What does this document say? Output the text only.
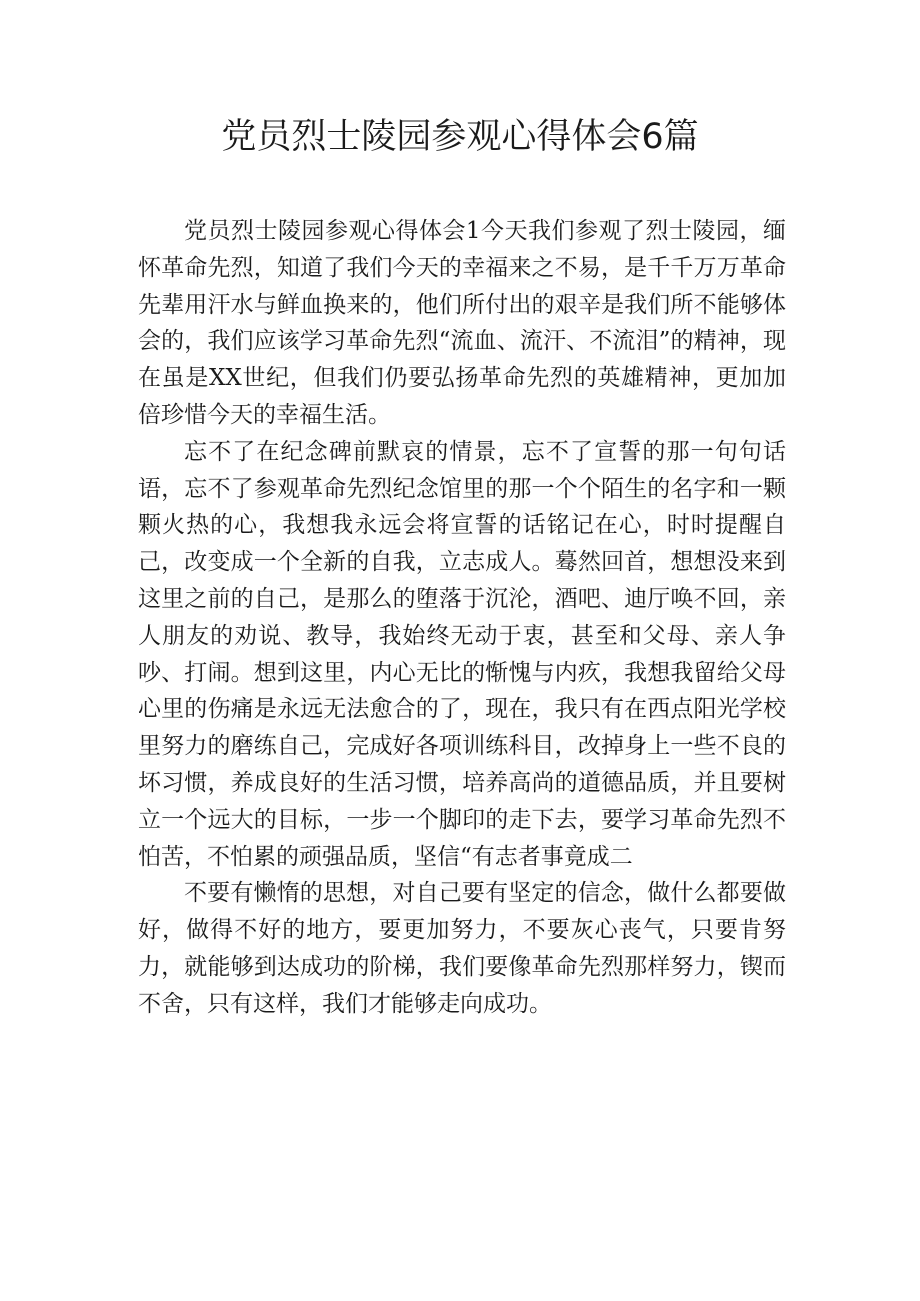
党员烈士陵园参观心得体会6篇

党员烈士陵园参观心得体会1今天我们参观了烈士陵园，缅怀革命先烈，知道了我们今天的幸福来之不易，是千千万万革命先辈用汗水与鲜血换来的，他们所付出的艰辛是我们所不能够体会的，我们应该学习革命先烈“流血、流汗、不流泪”的精神，现在虽是XX世纪，但我们仍要弘扬革命先烈的英雄精神，更加加倍珍惜今天的幸福生活。

忘不了在纪念碑前默哀的情景，忘不了宣誓的那一句句话语，忘不了参观革命先烈纪念馆里的那一个个陌生的名字和一颗颗火热的心，我想我永远会将宣誓的话铭记在心，时时提醒自己，改变成一个全新的自我，立志成人。蓦然回首，想想没来到这里之前的自己，是那么的堕落于沉沦，酒吧、迪厅唤不回，亲人朋友的劝说、教导，我始终无动于衷，甚至和父母、亲人争吵、打闹。想到这里，内心无比的惭愧与内疚，我想我留给父母心里的伤痛是永远无法愈合的了，现在，我只有在西点阳光学校里努力的磨练自己，完成好各项训练科目，改掉身上一些不良的坏习惯，养成良好的生活习惯，培养高尚的道德品质，并且要树立一个远大的目标，一步一个脚印的走下去，要学习革命先烈不怕苦，不怕累的顽强品质，坚信“有志者事竟成二

不要有懒惰的思想，对自己要有坚定的信念，做什么都要做好，做得不好的地方，要更加努力，不要灰心丧气，只要肯努力，就能够到达成功的阶梯，我们要像革命先烈那样努力，锲而不舍，只有这样，我们才能够走向成功。
